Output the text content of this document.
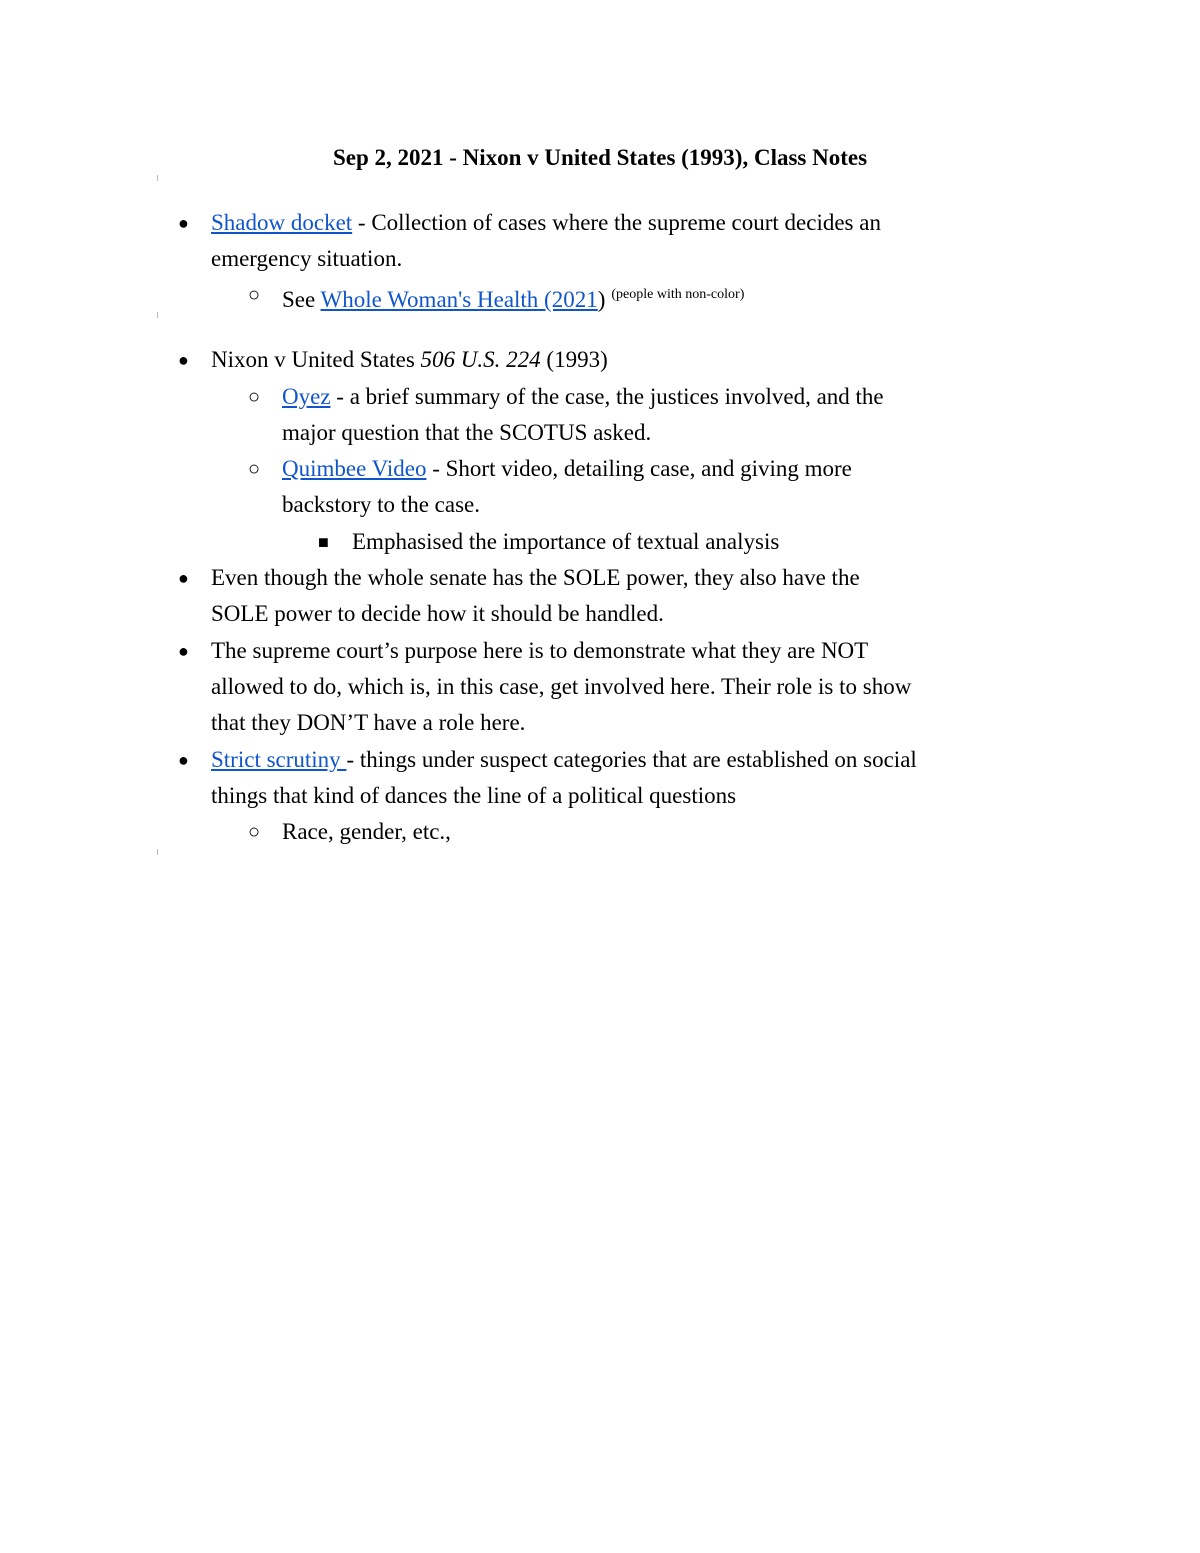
Sep 2, 2021 - Nixon v United States (1993), Class Notes
● Shadow docket - Collection of cases where the supreme court decides an
emergency situation.
○ See Whole Woman's Health (2021) $^{(people with non-color)}$
● Nixon v United States 506 U.S. 224 (1993)
○ Oyez - a brief summary of the case, the justices involved, and the
major question that the SCOTUS asked.
○ Quimbee Video - Short video, detailing case, and giving more
backstory to the case.
■ Emphasised the importance of textual analysis
● Even though the whole senate has the SOLE power, they also have the
SOLE power to decide how it should be handled.
● The supreme court’s purpose here is to demonstrate what they are NOT
allowed to do, which is, in this case, get involved here. Their role is to show
that they DON’T have a role here.
● Strict scrutiny - things under suspect categories that are established on social
things that kind of dances the line of a political questions
○ Race, gender, etc.,
